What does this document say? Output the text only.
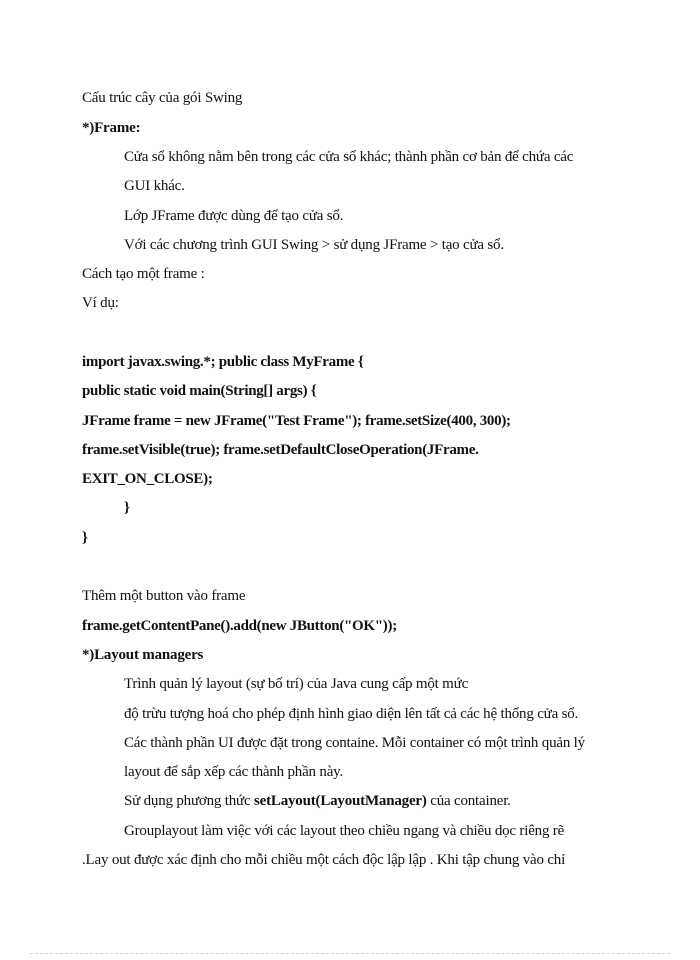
Cấu trúc cây của gói Swing
*)Frame:
Cửa sổ không nằm bên trong các cửa sổ khác; thành phần cơ bản để chứa các
GUI khác.
Lớp JFrame được dùng để tạo cửa sổ.
Với các chương trình GUI Swing > sử dụng JFrame > tạo cửa sổ.
Cách tạo một frame :
Ví dụ:
import javax.swing.*; public class MyFrame {
public static void main(String[] args) {
JFrame frame = new JFrame("Test Frame"); frame.setSize(400, 300);
frame.setVisible(true); frame.setDefaultCloseOperation(JFrame.
EXIT_ON_CLOSE);
}
}
Thêm một button vào frame
frame.getContentPane().add(new JButton("OK"));
*)Layout managers
Trình quản lý layout (sự bố trí) của Java cung cấp một mức
độ trừu tượng hoá cho phép định hình giao diện lên tất cả các hệ thống cửa sổ.
Các thành phần UI được đặt trong containe. Mỗi container có một trình quản lý
layout để sắp xếp các thành phần này.
Sử dụng phương thức setLayout(LayoutManager) của container.
Grouplayout làm việc với các layout theo chiều ngang và chiều dọc riêng rẽ
.Lay out được xác định cho mỗi chiều một cách độc lập lập . Khi tập chung vào chỉ
